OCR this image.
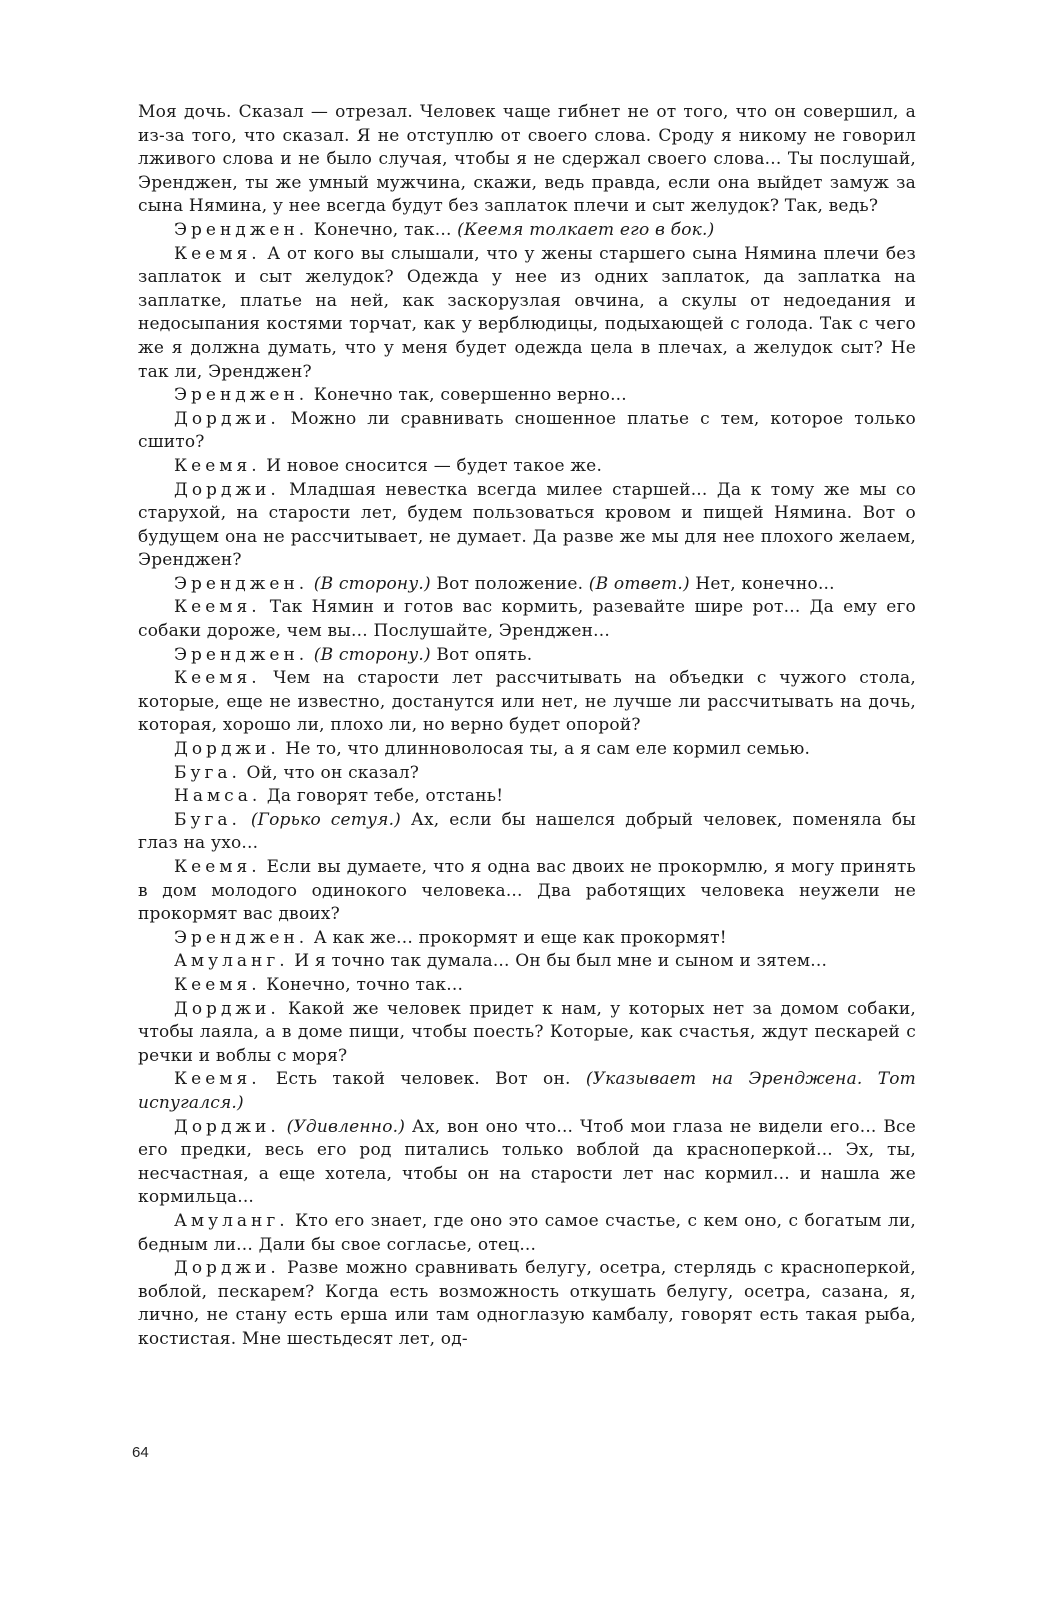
Моя дочь. Сказал — отрезал. Человек чаще гибнет не от того, что он совершил, а из-за того, что сказал. Я не отступлю от своего слова. Сроду я никому не говорил лживого слова и не было случая, чтобы я не сдержал своего слова... Ты послушай, Эренджен, ты же умный мужчина, скажи, ведь правда, если она выйдет замуж за сына Нямина, у нее всегда будут без заплаток плечи и сыт желудок? Так, ведь?

Эренджен. Конечно, так... (Кеемя толкает его в бок.)

Кеемя. А от кого вы слышали, что у жены старшего сына Нямина плечи без заплаток и сыт желудок? Одежда у нее из одних заплаток, да заплатка на заплатке, платье на ней, как заскорузлая овчина, а скулы от недоедания и недосыпания костями торчат, как у верблюдицы, подыхающей с голода. Так с чего же я должна думать, что у меня будет одежда цела в плечах, а желудок сыт? Не так ли, Эренджен?

Эренджен. Конечно так, совершенно верно...

Дорджи. Можно ли сравнивать сношенное платье с тем, которое только сшито?

Кеемя. И новое сносится — будет такое же.

Дорджи. Младшая невестка всегда милее старшей... Да к тому же мы со старухой, на старости лет, будем пользоваться кровом и пищей Нямина. Вот о будущем она не рассчитывает, не думает. Да разве же мы для нее плохого желаем, Эренджен?

Эренджен. (В сторону.) Вот положение. (В ответ.) Нет, конечно...

Кеемя. Так Нямин и готов вас кормить, разевайте шире рот... Да ему его собаки дороже, чем вы... Послушайте, Эренджен...

Эренджен. (В сторону.) Вот опять.

Кеемя. Чем на старости лет рассчитывать на объедки с чужого стола, которые, еще не известно, достанутся или нет, не лучше ли рассчитывать на дочь, которая, хорошо ли, плохо ли, но верно будет опорой?

Дорджи. Не то, что длинноволосая ты, а я сам еле кормил семью.

Буга. Ой, что он сказал?

Намса. Да говорят тебе, отстань!

Буга. (Горько сетуя.) Ах, если бы нашелся добрый человек, поменяла бы глаз на ухо...

Кеемя. Если вы думаете, что я одна вас двоих не прокормлю, я могу принять в дом молодого одинокого человека... Два работящих человека неужели не прокормят вас двоих?

Эренджен. А как же... прокормят и еще как прокормят!

Амуланг. И я точно так думала... Он бы был мне и сыном и зятем...

Кеемя. Конечно, точно так...

Дорджи. Какой же человек придет к нам, у которых нет за домом собаки, чтобы лаяла, а в доме пищи, чтобы поесть? Которые, как счастья, ждут пескарей с речки и воблы с моря?

Кеемя. Есть такой человек. Вот он. (Указывает на Эренджена. Тот испугался.)

Дорджи. (Удивленно.) Ах, вон оно что... Чтоб мои глаза не видели его... Все его предки, весь его род питались только воблой да красноперкой... Эх, ты, несчастная, а еще хотела, чтобы он на старости лет нас кормил... и нашла же кормильца...

Амуланг. Кто его знает, где оно это самое счастье, с кем оно, с богатым ли, бедным ли... Дали бы свое согласье, отец...

Дорджи. Разве можно сравнивать белугу, осетра, стерлядь с красноперкой, воблой, пескарем? Когда есть возможность откушать белугу, осетра, сазана, я, лично, не стану есть ерша или там одноглазую камбалу, говорят есть такая рыба, костистая. Мне шестьдесят лет, од-

64
